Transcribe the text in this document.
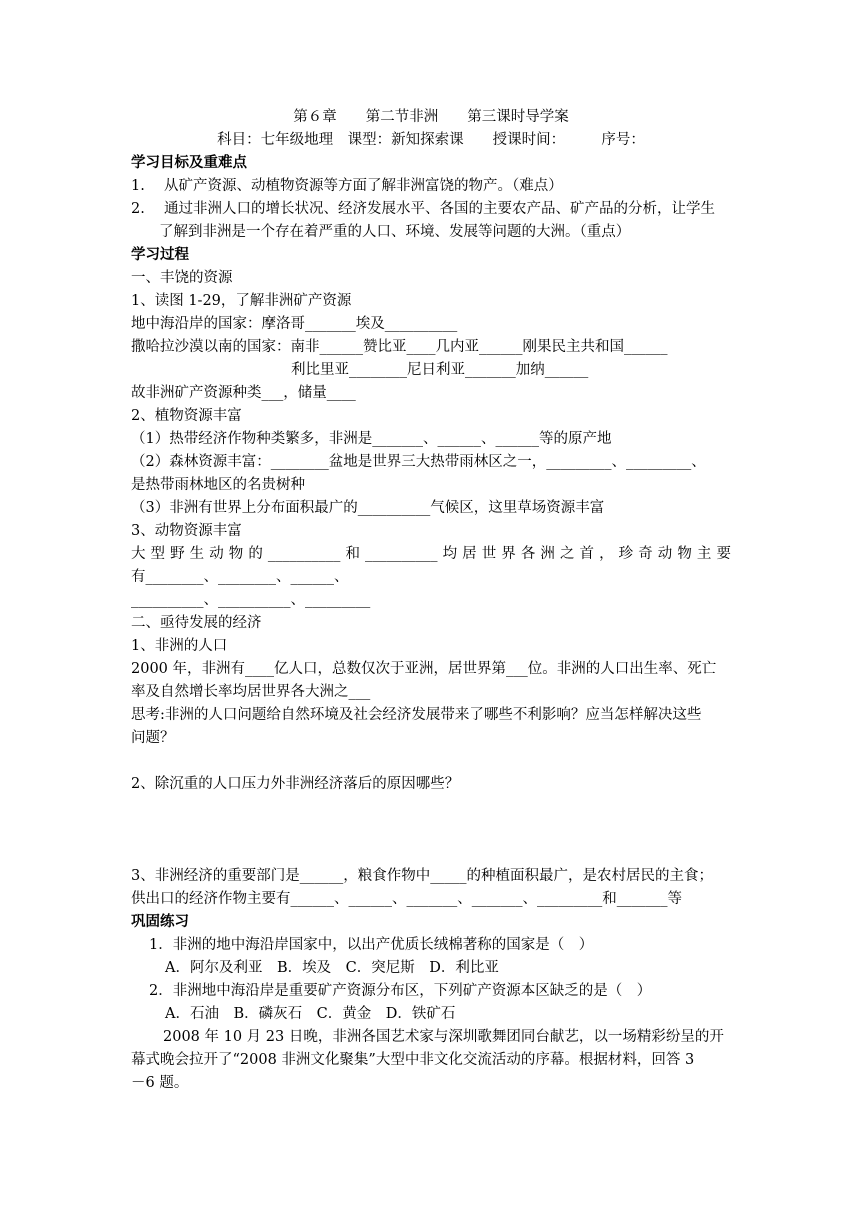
第６章　　第二节非洲　　第三课时导学案
科目：七年级地理　课型：新知探索课　　授课时间：　　　序号：
学习目标及重难点
1.　 从矿产资源、动植物资源等方面了解非洲富饶的物产。（难点）
2.　 通过非洲人口的增长状况、经济发展水平、各国的主要农产品、矿产品的分析，让学生
了解到非洲是一个存在着严重的人口、环境、发展等问题的大洲。（重点）
学习过程
一、丰饶的资源
1、读图 1-29，了解非洲矿产资源
地中海沿岸的国家：摩洛哥_______埃及__________
撒哈拉沙漠以南的国家：南非______赞比亚____几内亚______刚果民主共和国______
利比里亚________尼日利亚_______加纳______
故非洲矿产资源种类___，储量____
2、植物资源丰富
（1）热带经济作物种类繁多，非洲是_______、______、______等的原产地
（2）森林资源丰富：________盆地是世界三大热带雨林区之一，_________、_________、
是热带雨林地区的名贵树种
（3）非洲有世界上分布面积最广的__________气候区，这里草场资源丰富
3、动物资源丰富
大型野生动物的__________和__________均居世界各洲之首，珍奇动物主要
有________、________、______、
__________、__________、_________
二、亟待发展的经济
1、非洲的人口
2000 年，非洲有____亿人口，总数仅次于亚洲，居世界第___位。非洲的人口出生率、死亡
率及自然增长率均居世界各大洲之___
思考:非洲的人口问题给自然环境及社会经济发展带来了哪些不利影响？应当怎样解决这些
问题？
2、除沉重的人口压力外非洲经济落后的原因哪些？
3、非洲经济的重要部门是______，粮食作物中_____的种植面积最广，是农村居民的主食；
供出口的经济作物主要有______、______、_______、_______、_________和_______等
巩固练习
1．非洲的地中海沿岸国家中，以出产优质长绒棉著称的国家是（　）
A．阿尔及利亚　B．埃及　C．突尼斯　D．利比亚
2．非洲地中海沿岸是重要矿产资源分布区，下列矿产资源本区缺乏的是（　）
A．石油　B．磷灰石　C．黄金　D．铁矿石
2008 年 10 月 23 日晚，非洲各国艺术家与深圳歌舞团同台献艺，以一场精彩纷呈的开
幕式晚会拉开了“2008 非洲文化聚集”大型中非文化交流活动的序幕。根据材料，回答 3
－6 题。
